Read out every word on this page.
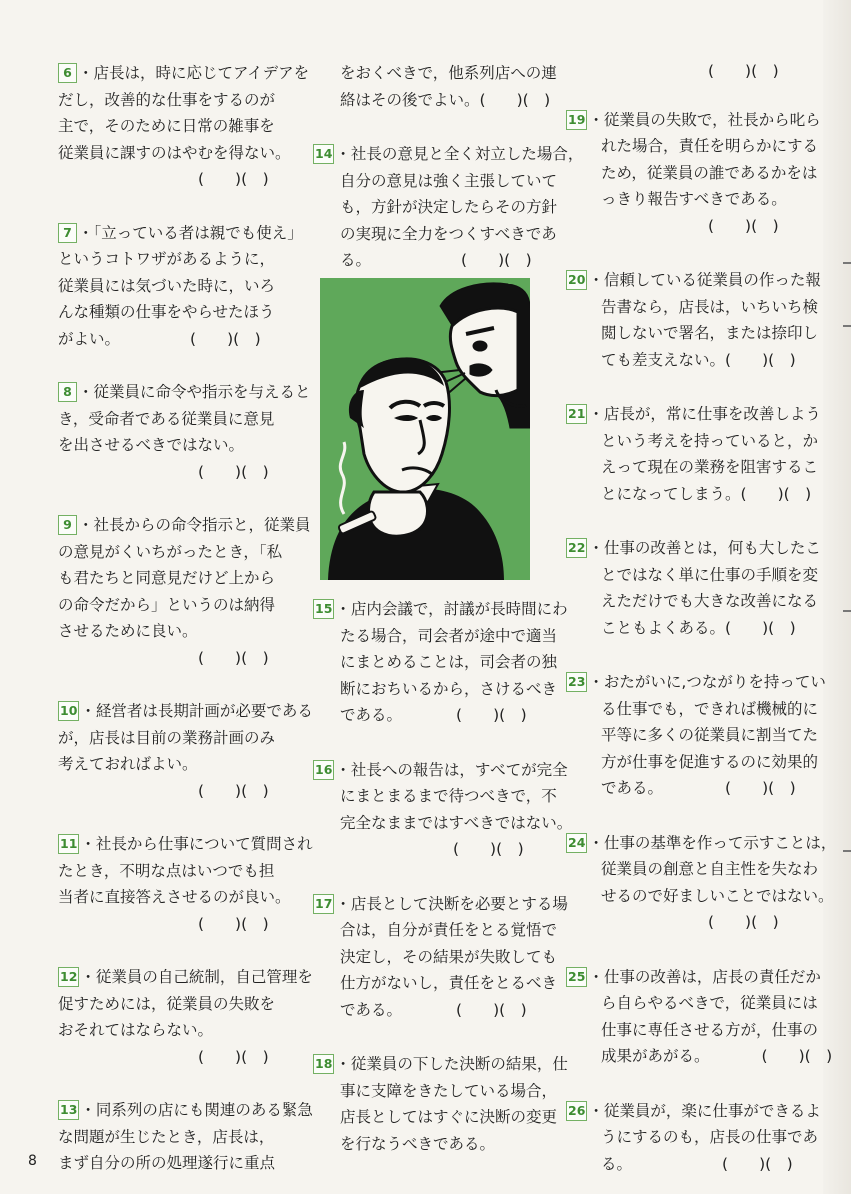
6 ・店長は，時に応じてアイデアを
だし，改善的な仕事をするのが
主で，そのために日常の雑事を
従業員に課すのはやむを得ない。
(　　)(　)
7 ・「立っている者は親でも使え」
というコトワザがあるように，
従業員には気づいた時に，いろ
んな種類の仕事をやらせたほう
がよい。	(　　)(　)
8 ・従業員に命令や指示を与えると
き，受命者である従業員に意見
を出させるべきではない。
(　　)(　)
9 ・社長からの命令指示と，従業員
の意見がくいちがったとき，「私
も君たちと同意見だけど上から
の命令だから」というのは納得
させるために良い。
(　　)(　)
10 ・経営者は長期計画が必要である
が，店長は目前の業務計画のみ
考えておればよい。
(　　)(　)
11 ・社長から仕事について質問され
たとき，不明な点はいつでも担
当者に直接答えさせるのが良い。
(　　)(　)
12 ・従業員の自己統制，自己管理を
促すためには，従業員の失敗を
おそれてはならない。
(　　)(　)
13 ・同系列の店にも関連のある緊急
な問題が生じたとき，店長は，
まず自分の所の処理遂行に重点
をおくべきで，他系列店への連
絡はその後でよい。(　　)(　)
14 ・社長の意見と全く対立した場合，
自分の意見は強く主張していて
も，方針が決定したらその方針
の実現に全力をつくすべきであ
る。	(　　)(　)
15 ・店内会議で，討議が長時間にわ
たる場合，司会者が途中で適当
にまとめることは，司会者の独
断におちいるから，さけるべき
である。	(　　)(　)
16 ・社長への報告は，すべてが完全
にまとまるまで待つべきで，不
完全なままではすべきではない。
(　　)(　)
17 ・店長として決断を必要とする場
合は，自分が責任をとる覚悟で
決定し，その結果が失敗しても
仕方がないし，責任をとるべき
である。	(　　)(　)
18 ・従業員の下した決断の結果，仕
事に支障をきたしている場合，
店長としてはすぐに決断の変更
を行なうべきである。
(　　)(　)
19 ・従業員の失敗で，社長から叱ら
れた場合，責任を明らかにする
ため，従業員の誰であるかをは
っきり報告すべきである。
(　　)(　)
20 ・信頼している従業員の作った報
告書なら，店長は，いちいち検
閲しないで署名，または捺印し
ても差支えない。(　　)(　)
21 ・店長が，常に仕事を改善しよう
という考えを持っていると，か
えって現在の業務を阻害するこ
とになってしまう。(　　)(　)
22 ・仕事の改善とは，何も大したこ
とではなく単に仕事の手順を変
えただけでも大きな改善になる
こともよくある。(　　)(　)
23 ・おたがいに,つながりを持ってい
る仕事でも，できれば機械的に
平等に多くの従業員に割当てた
方が仕事を促進するのに効果的
である。	(　　)(　)
24 ・仕事の基準を作って示すことは，
従業員の創意と自主性を失なわ
せるので好ましいことではない。
(　　)(　)
25 ・仕事の改善は，店長の責任だか
ら自らやるべきで，従業員には
仕事に専任させる方が，仕事の
成果があがる。	(　　)(　)
26 ・従業員が，楽に仕事ができるよ
うにするのも，店長の仕事であ
る。	(　　)(　)
8
